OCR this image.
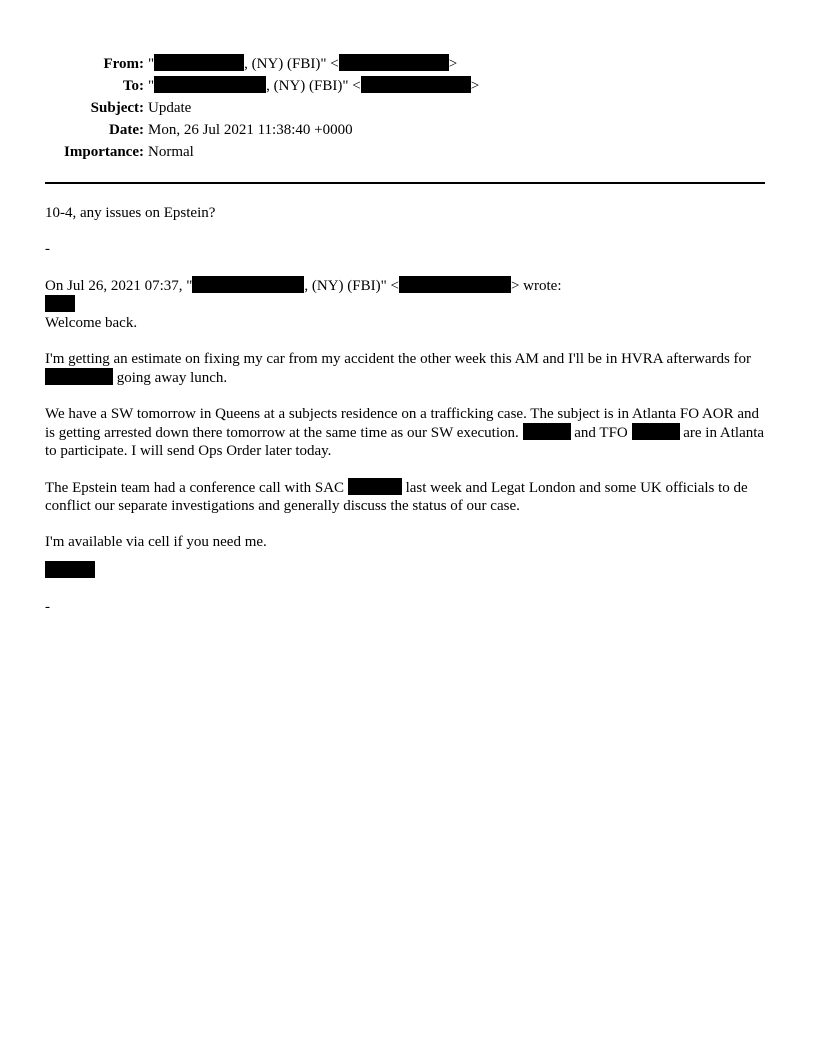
From: "	, (NY) (FBI)" <	>
To: "	, (NY) (FBI)" <	>
Subject: Update
Date: Mon, 26 Jul 2021 11:38:40 +0000
Importance: Normal

10-4, any issues on Epstein?

-

On Jul 26, 2021 07:37, "	, (NY) (FBI)" <	> wrote:

Welcome back.

I'm getting an estimate on fixing my car from my accident the other week this AM and I'll be in HVRA afterwards for  going away lunch.

We have a SW tomorrow in Queens at a subjects residence on a trafficking case. The subject is in Atlanta FO AOR and is getting arrested down there tomorrow at the same time as our SW execution.	and TFO	are in Atlanta to participate. I will send Ops Order later today.

The Epstein team had a conference call with SAC	last week and Legat London and some UK officials to de conflict our separate investigations and generally discuss the status of our case.

I'm available via cell if you need me.

-
